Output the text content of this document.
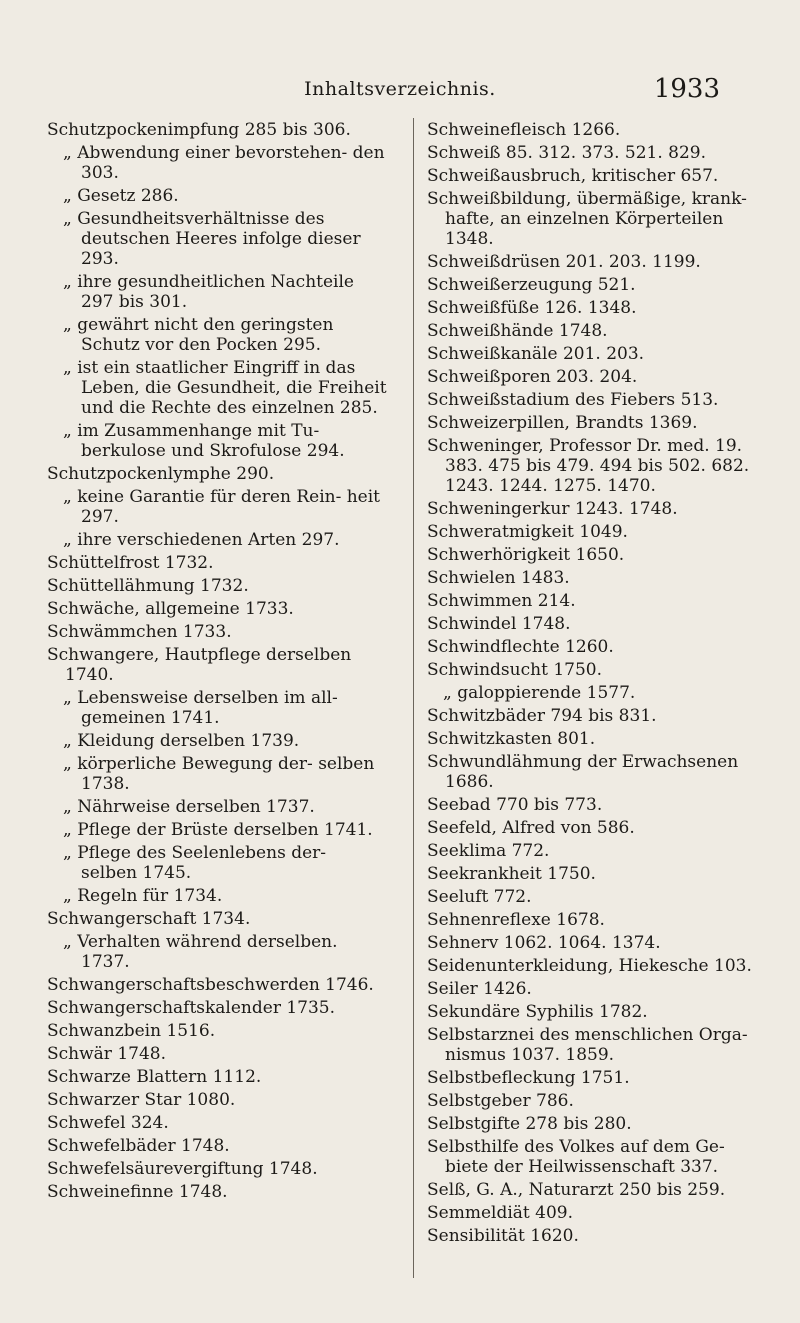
Inhaltsverzeichnis.	1933
Schutzpockenimpfung 285 bis 306.
„ Abwendung einer bevorstehen- den 303.
„ Gesetz 286.
„ Gesundheitsverhältnisse des deutschen Heeres infolge dieser 293.
„ ihre gesundheitlichen Nachteile 297 bis 301.
„ gewährt nicht den geringsten Schutz vor den Pocken 295.
„ ist ein staatlicher Eingriff in das Leben, die Gesundheit, die Freiheit und die Rechte des einzelnen 285.
„ im Zusammenhange mit Tu- berkulose und Skrofulose 294.
Schutzpockenlymphe 290.
„ keine Garantie für deren Rein- heit 297.
„ ihre verschiedenen Arten 297.
Schüttelfrost 1732.
Schüttellähmung 1732.
Schwäche, allgemeine 1733.
Schwämmchen 1733.
Schwangere, Hautpflege derselben 1740.
„ Lebensweise derselben im all- gemeinen 1741.
„ Kleidung derselben 1739.
„ körperliche Bewegung der- selben 1738.
„ Nährweise derselben 1737.
„ Pflege der Brüste derselben 1741.
„ Pflege des Seelenlebens der- selben 1745.
„ Regeln für 1734.
Schwangerschaft 1734.
„ Verhalten während derselben. 1737.
Schwangerschaftsbeschwerden 1746.
Schwangerschaftskalender 1735.
Schwanzbein 1516.
Schwär 1748.
Schwarze Blattern 1112.
Schwarzer Star 1080.
Schwefel 324.
Schwefelbäder 1748.
Schwefelsäurevergiftung 1748.
Schweinefinne 1748.
Schweinefleisch 1266.
Schweiß 85. 312. 373. 521. 829.
Schweißausbruch, kritischer 657.
Schweißbildung, übermäßige, krank- hafte, an einzelnen Körperteilen 1348.
Schweißdrüsen 201. 203. 1199.
Schweißerzeugung 521.
Schweißfüße 126. 1348.
Schweißhände 1748.
Schweißkanäle 201. 203.
Schweißporen 203. 204.
Schweißstadium des Fiebers 513.
Schweizerpillen, Brandts 1369.
Schweninger, Professor Dr. med. 19. 383. 475 bis 479. 494 bis 502. 682. 1243. 1244. 1275. 1470.
Schweningerkur 1243. 1748.
Schweratmigkeit 1049.
Schwerhörigkeit 1650.
Schwielen 1483.
Schwimmen 214.
Schwindel 1748.
Schwindflechte 1260.
Schwindsucht 1750.
„ galoppierende 1577.
Schwitzbäder 794 bis 831.
Schwitzkasten 801.
Schwundlähmung der Erwachsenen 1686.
Seebad 770 bis 773.
Seefeld, Alfred von 586.
Seeklima 772.
Seekrankheit 1750.
Seeluft 772.
Sehnenreflexe 1678.
Sehnerv 1062. 1064. 1374.
Seidenunterkleidung, Hiekesche 103.
Seiler 1426.
Sekundäre Syphilis 1782.
Selbstarznei des menschlichen Orga- nismus 1037. 1859.
Selbstbefleckung 1751.
Selbstgeber 786.
Selbstgifte 278 bis 280.
Selbsthilfe des Volkes auf dem Ge- biete der Heilwissenschaft 337.
Selß, G. A., Naturarzt 250 bis 259.
Semmeldiät 409.
Sensibilität 1620.
